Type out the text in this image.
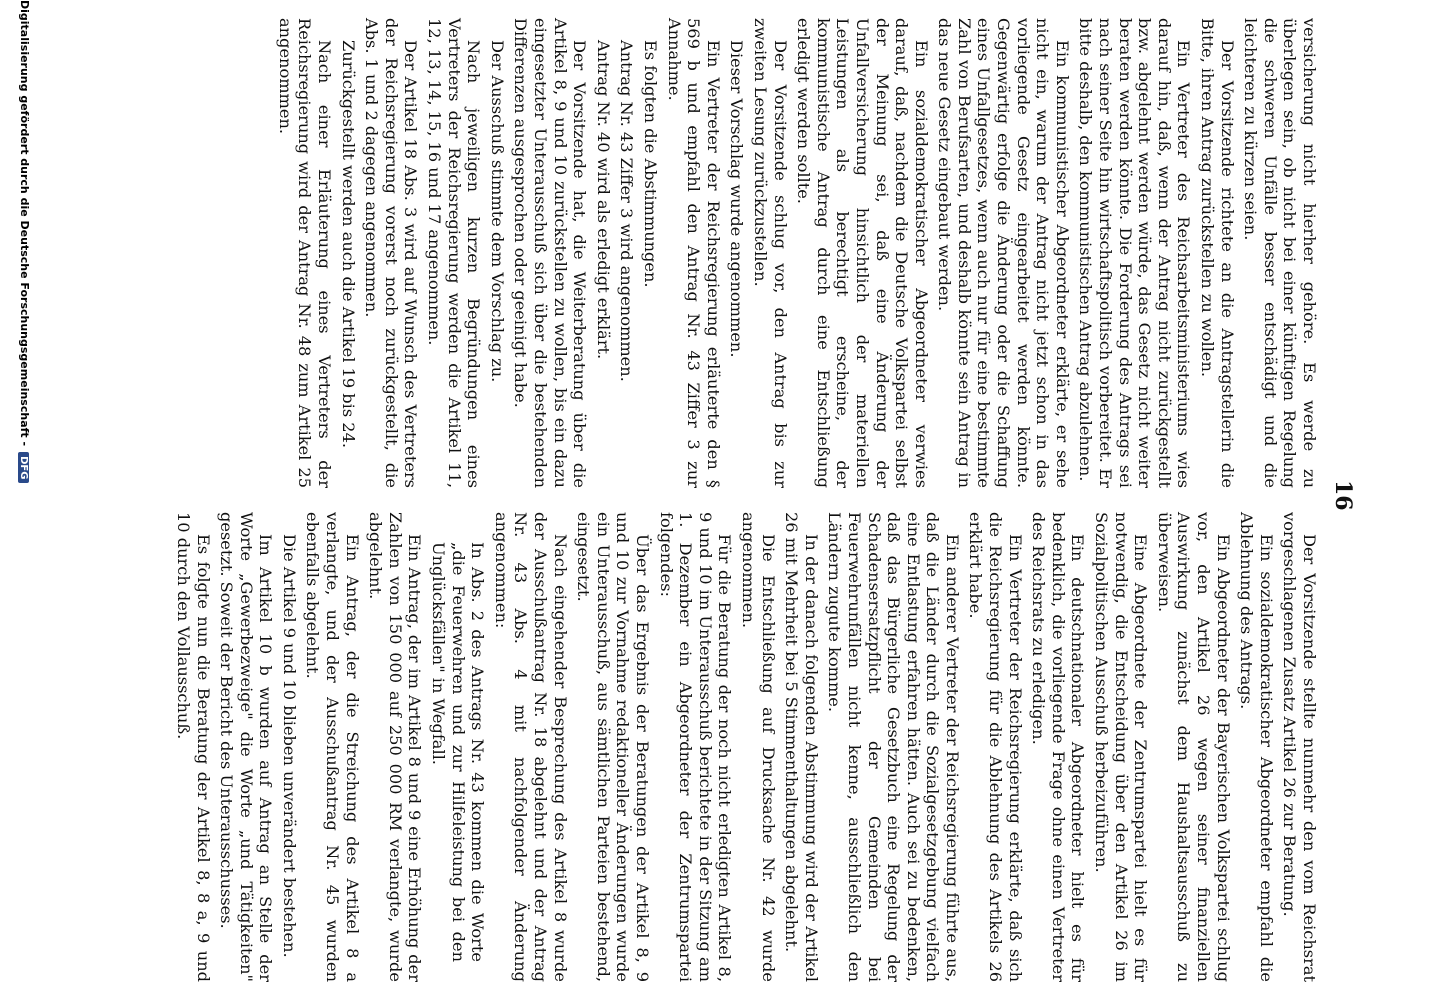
16

versicherung nicht hierher gehöre. Es werde zu überlegen sein, ob nicht bei einer künftigen Regelung die schweren Unfälle besser entschädigt und die leichteren zu kürzen seien.

Der Vorsitzende richtete an die Antragstellerin die Bitte, ihren Antrag zurückstellen zu wollen.

Ein Vertreter des Reichsarbeitsministeriums wies darauf hin, daß, wenn der Antrag nicht zurückgestellt bzw. abgelehnt werden würde, das Gesetz nicht weiter beraten werden könnte. Die Forderung des Antrags sei nach seiner Seite hin wirtschaftspolitisch vorbereitet. Er bitte deshalb, den kommunistischen Antrag abzulehnen.

Ein kommunistischer Abgeordneter erklärte, er sehe nicht ein, warum der Antrag nicht jetzt schon in das vorliegende Gesetz eingearbeitet werden könnte. Gegenwärtig erfolge die Änderung oder die Schaffung eines Unfallgesetzes, wenn auch nur für eine bestimmte Zahl von Berufsarten, und deshalb könnte sein Antrag in das neue Gesetz eingebaut werden.

Ein sozialdemokratischer Abgeordneter verwies darauf, daß, nachdem die Deutsche Volkspartei selbst der Meinung sei, daß eine Änderung der Unfallversicherung hinsichtlich der materiellen Leistungen als berechtigt erscheine, der kommunistische Antrag durch eine Entschließung erledigt werden sollte.

Der Vorsitzende schlug vor, den Antrag bis zur zweiten Lesung zurückzustellen.

Dieser Vorschlag wurde angenommen.

Ein Vertreter der Reichsregierung erläuterte den § 569 b und empfahl den Antrag Nr. 43 Ziffer 3 zur Annahme.

Es folgten die Abstimmungen.

Antrag Nr. 43 Ziffer 3 wird angenommen.

Antrag Nr. 40 wird als erledigt erklärt.

Der Vorsitzende hat, die Weiterberatung über die Artikel 8, 9 und 10 zurückstellen zu wollen, bis ein dazu eingesetzter Unterausschuß sich über die bestehenden Differenzen ausgesprochen oder geeinigt habe.

Der Ausschuß stimmte dem Vorschlag zu.

Nach jeweiligen kurzen Begründungen eines Vertreters der Reichsregierung werden die Artikel 11, 12, 13, 14, 15, 16 und 17 angenommen.

Der Artikel 18 Abs. 3 wird auf Wunsch des Vertreters der Reichsregierung vorerst noch zurückgestellt, die Abs. 1 und 2 dagegen angenommen.

Zurückgestellt werden auch die Artikel 19 bis 24.

Nach einer Erläuterung eines Vertreters der Reichsregierung wird der Antrag Nr. 48 zum Artikel 25 angenommen.

Der Vorsitzende stellte nunmehr den vom Reichsrat vorgeschlagenen Zusatz Artikel 26 zur Beratung.

Ein sozialdemokratischer Abgeordneter empfahl die Ablehnung des Antrags.

Ein Abgeordneter der Bayerischen Volkspartei schlug vor, den Artikel 26 wegen seiner finanziellen Auswirkung zunächst dem Haushaltsausschuß zu überweisen.

Eine Abgeordnete der Zentrumspartei hielt es für notwendig, die Entscheidung über den Artikel 26 im Sozialpolitischen Ausschuß herbeizuführen.

Ein deutschnationaler Abgeordneter hielt es für bedenklich, die vorliegende Frage ohne einen Vertreter des Reichsrats zu erledigen.

Ein Vertreter der Reichsregierung erklärte, daß sich die Reichsregierung für die Ablehnung des Artikels 26 erklärt habe.

Ein anderer Vertreter der Reichsregierung führte aus, daß die Länder durch die Sozialgesetzgebung vielfach eine Entlastung erfahren hätten. Auch sei zu bedenken, daß das Bürgerliche Gesetzbuch eine Regelung der Schadensersatzpflicht der Gemeinden bei Feuerwehrunfällen nicht kenne, ausschließlich den Ländern zugute komme.

In der danach folgenden Abstimmung wird der Artikel 26 mit Mehrheit bei 5 Stimmenthaltungen abgelehnt.

Die Entschließung auf Drucksache Nr. 42 wurde angenommen.

Für die Beratung der noch nicht erledigten Artikel 8, 9 und 10 im Unterausschuß berichtete in der Sitzung am 1. Dezember ein Abgeordneter der Zentrumspartei folgendes:

Über das Ergebnis der Beratungen der Artikel 8, 9 und 10 zur Vornahme redaktioneller Änderungen wurde ein Unterausschuß, aus sämtlichen Parteien bestehend, eingesetzt.

Nach eingehender Besprechung des Artikel 8 wurde der Ausschußantrag Nr. 18 abgelehnt und der Antrag Nr. 43 Abs. 4 mit nachfolgender Änderung angenommen:

In Abs. 2 des Antrags Nr. 43 kommen die Worte „die Feuerwehren und zur Hilfeleistung bei den Unglücksfällen" in Wegfall.

Ein Antrag, der im Artikel 8 und 9 eine Erhöhung der Zahlen von 150 000 auf 250 000 RM verlangte, wurde abgelehnt.

Ein Antrag, der die Streichung des Artikel 8 a verlangte, und der Ausschußantrag Nr. 45 wurden ebenfalls abgelehnt.

Die Artikel 9 und 10 blieben unverändert bestehen.

Im Artikel 10 b wurden auf Antrag an Stelle der Worte „Gewerbezweige" die Worte „und Tätigkeiten" gesetzt. Soweit der Bericht des Unterausschusses.

Es folgte nun die Beratung der Artikel 8, 8 a, 9 und 10 durch den Vollausschuß.

Digitalisierung gefördert durch die Deutsche Forschungsgemeinschaft -DFG
